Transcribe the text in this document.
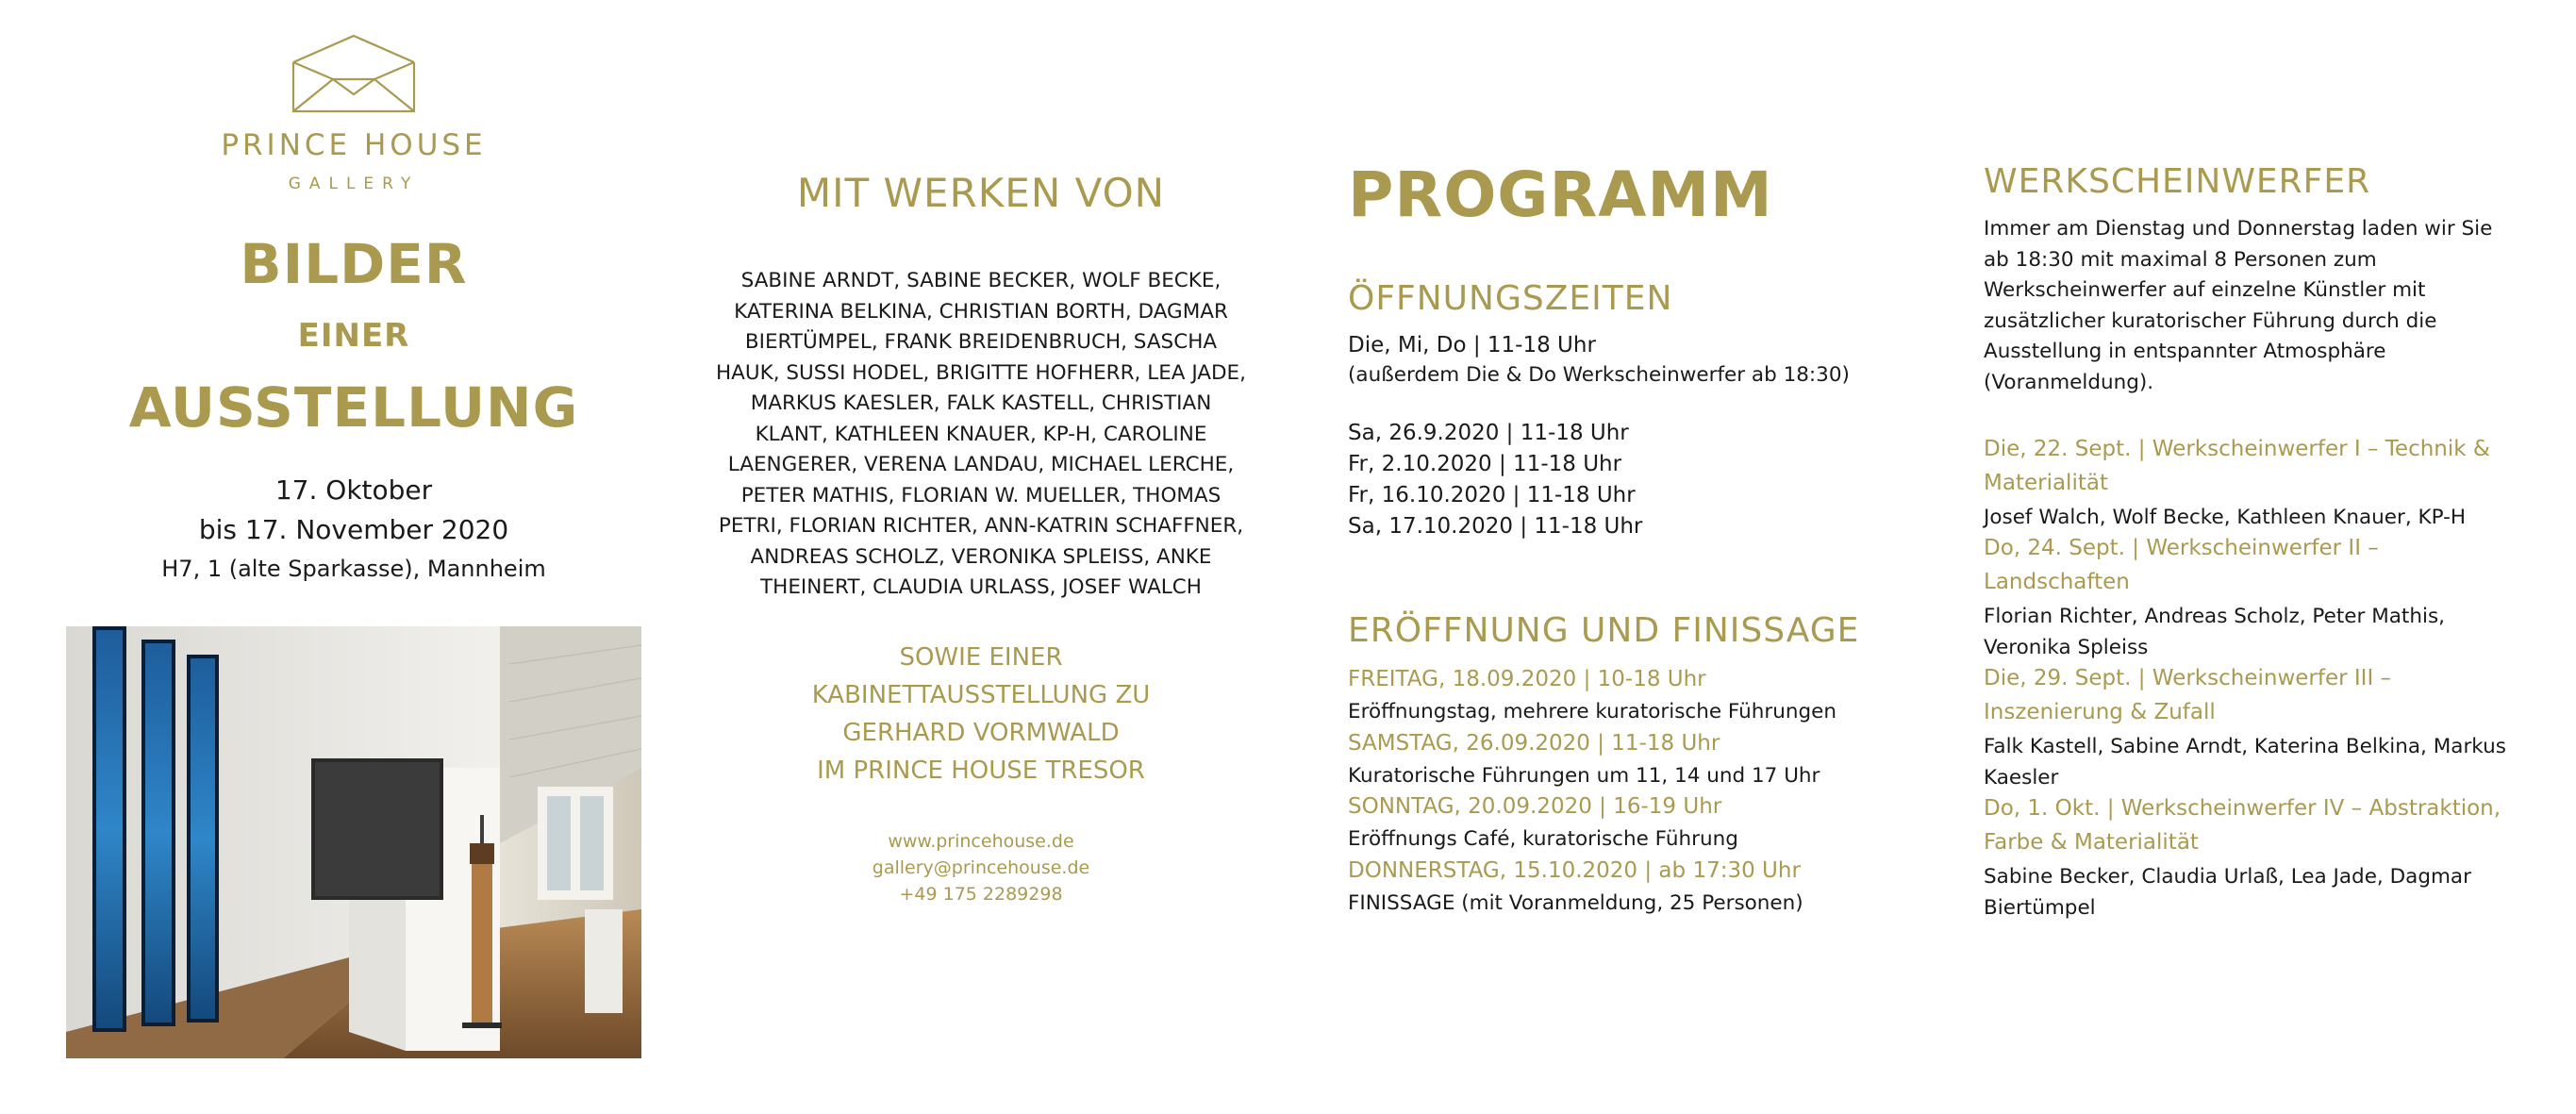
PRINCE HOUSE
GALLERY
BILDER
EINER
AUSSTELLUNG
17. Oktober
bis 17. November 2020
H7, 1 (alte Sparkasse), Mannheim
MIT WERKEN VON
SABINE ARNDT, SABINE BECKER, WOLF BECKE,
KATERINA BELKINA, CHRISTIAN BORTH, DAGMAR
BIERTÜMPEL, FRANK BREIDENBRUCH, SASCHA
HAUK, SUSSI HODEL, BRIGITTE HOFHERR, LEA JADE,
MARKUS KAESLER, FALK KASTELL, CHRISTIAN
KLANT, KATHLEEN KNAUER, KP-H, CAROLINE
LAENGERER, VERENA LANDAU, MICHAEL LERCHE,
PETER MATHIS, FLORIAN W. MUELLER, THOMAS
PETRI, FLORIAN RICHTER, ANN-KATRIN SCHAFFNER,
ANDREAS SCHOLZ, VERONIKA SPLEISS, ANKE
THEINERT, CLAUDIA URLASS, JOSEF WALCH
SOWIE EINER
KABINETTAUSSTELLUNG ZU
GERHARD VORMWALD
IM PRINCE HOUSE TRESOR
www.princehouse.de
gallery@princehouse.de
+49 175 2289298
PROGRAMM
ÖFFNUNGSZEITEN
Die, Mi, Do | 11-18 Uhr
(außerdem Die & Do Werkscheinwerfer ab 18:30)
Sa, 26.9.2020 | 11-18 Uhr
Fr, 2.10.2020 | 11-18 Uhr
Fr, 16.10.2020 | 11-18 Uhr
Sa, 17.10.2020 | 11-18 Uhr
ERÖFFNUNG UND FINISSAGE
FREITAG, 18.09.2020 | 10-18 Uhr
Eröffnungstag, mehrere kuratorische Führungen
SAMSTAG, 26.09.2020 | 11-18 Uhr
Kuratorische Führungen um 11, 14 und 17 Uhr
SONNTAG, 20.09.2020 | 16-19 Uhr
Eröffnungs Café, kuratorische Führung
DONNERSTAG, 15.10.2020 | ab 17:30 Uhr
FINISSAGE (mit Voranmeldung, 25 Personen)
WERKSCHEINWERFER
Immer am Dienstag und Donnerstag laden wir Sie
ab 18:30 mit maximal 8 Personen zum
Werkscheinwerfer auf einzelne Künstler mit
zusätzlicher kuratorischer Führung durch die
Ausstellung in entspannter Atmosphäre
(Voranmeldung).
Die, 22. Sept. | Werkscheinwerfer I – Technik &
Materialität
Josef Walch, Wolf Becke, Kathleen Knauer, KP-H
Do, 24. Sept. | Werkscheinwerfer II –
Landschaften
Florian Richter, Andreas Scholz, Peter Mathis,
Veronika Spleiss
Die, 29. Sept. | Werkscheinwerfer III –
Inszenierung & Zufall
Falk Kastell, Sabine Arndt, Katerina Belkina, Markus
Kaesler
Do, 1. Okt. | Werkscheinwerfer IV – Abstraktion,
Farbe & Materialität
Sabine Becker, Claudia Urlaß, Lea Jade, Dagmar
Biertümpel
